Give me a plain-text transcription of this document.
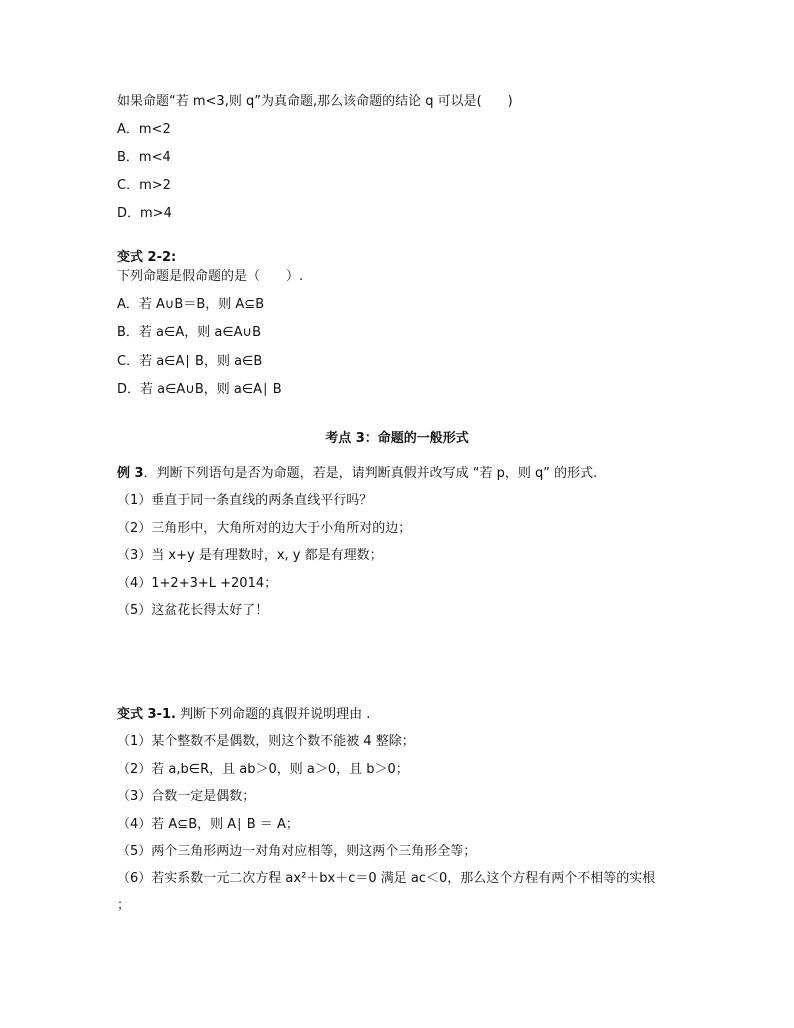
如果命题“若 m<3,则 q”为真命题,那么该命题的结论 q 可以是(　　)
A．m<2
B．m<4
C．m>2
D．m>4
变式 2-2:
下列命题是假命题的是（　　）.
A．若 A∪B＝B，则 A⊆B
B．若 a∈A，则 a∈A∪B
C．若 a∈A∣ B，则 a∈B
D．若 a∈A∪B，则 a∈A∣ B
考点 3：命题的一般形式
例 3．判断下列语句是否为命题，若是，请判断真假并改写成 “若 p，则 q” 的形式.
（1）垂直于同一条直线的两条直线平行吗？
（2）三角形中，大角所对的边大于小角所对的边；
（3）当 x+y 是有理数时，x, y 都是有理数；
（4）1+2+3+L +2014；
（5）这盆花长得太好了！
变式 3-1. 判断下列命题的真假并说明理由 .
（1）某个整数不是偶数，则这个数不能被 4 整除；
（2）若 a,b∈R，且 ab＞0，则 a＞0，且 b＞0；
（3）合数一定是偶数；
（4）若 A⊆B，则 A∣ B ＝ A；
（5）两个三角形两边一对角对应相等，则这两个三角形全等；
（6）若实系数一元二次方程 ax²＋bx＋c＝0 满足 ac＜0，那么这个方程有两个不相等的实根
；
